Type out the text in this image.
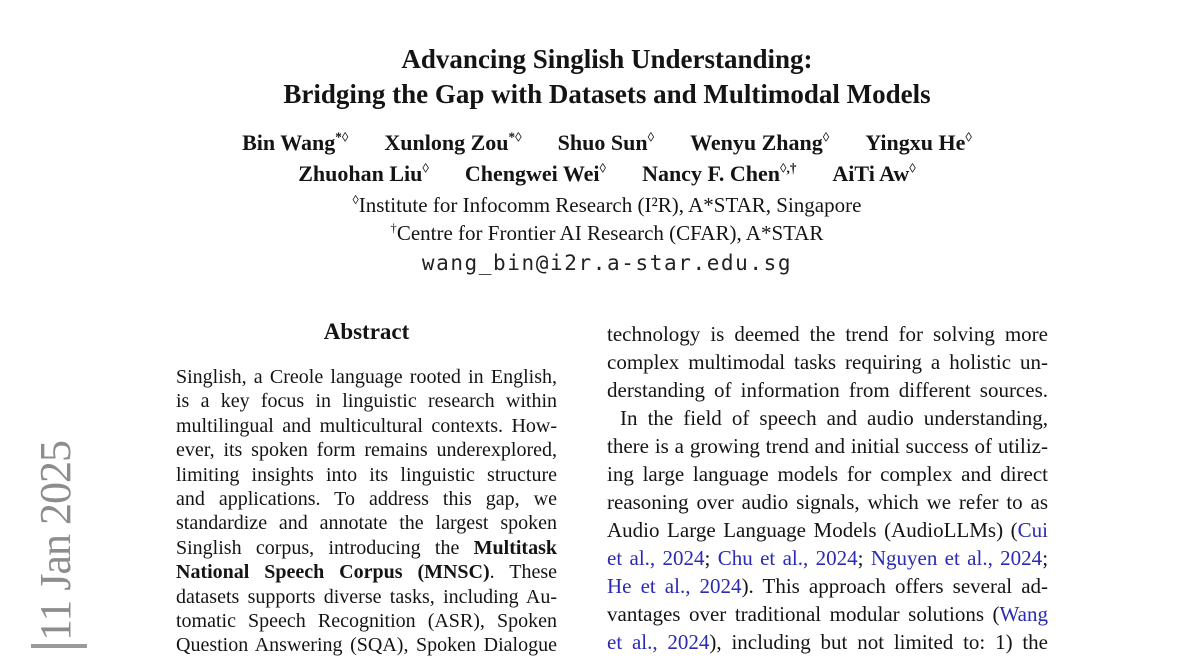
11 Jan 2025
Advancing Singlish Understanding:
Bridging the Gap with Datasets and Multimodal Models
Bin Wang*◊ Xunlong Zou*◊ Shuo Sun◊ Wenyu Zhang◊ Yingxu He◊
Zhuohan Liu◊ Chengwei Wei◊ Nancy F. Chen◊,† AiTi Aw◊
◊Institute for Infocomm Research (I²R), A*STAR, Singapore
†Centre for Frontier AI Research (CFAR), A*STAR
wang_bin@i2r.a-star.edu.sg
Abstract
Singlish, a Creole language rooted in English,
is a key focus in linguistic research within
multilingual and multicultural contexts. How-
ever, its spoken form remains underexplored,
limiting insights into its linguistic structure
and applications. To address this gap, we
standardize and annotate the largest spoken
Singlish corpus, introducing the Multitask
National Speech Corpus (MNSC). These
datasets supports diverse tasks, including Au-
tomatic Speech Recognition (ASR), Spoken
Question Answering (SQA), Spoken Dialogue
technology is deemed the trend for solving more
complex multimodal tasks requiring a holistic un-
derstanding of information from different sources.
In the field of speech and audio understanding,
there is a growing trend and initial success of utiliz-
ing large language models for complex and direct
reasoning over audio signals, which we refer to as
Audio Large Language Models (AudioLLMs) (Cui
et al., 2024; Chu et al., 2024; Nguyen et al., 2024;
He et al., 2024). This approach offers several ad-
vantages over traditional modular solutions (Wang
et al., 2024), including but not limited to: 1) the
